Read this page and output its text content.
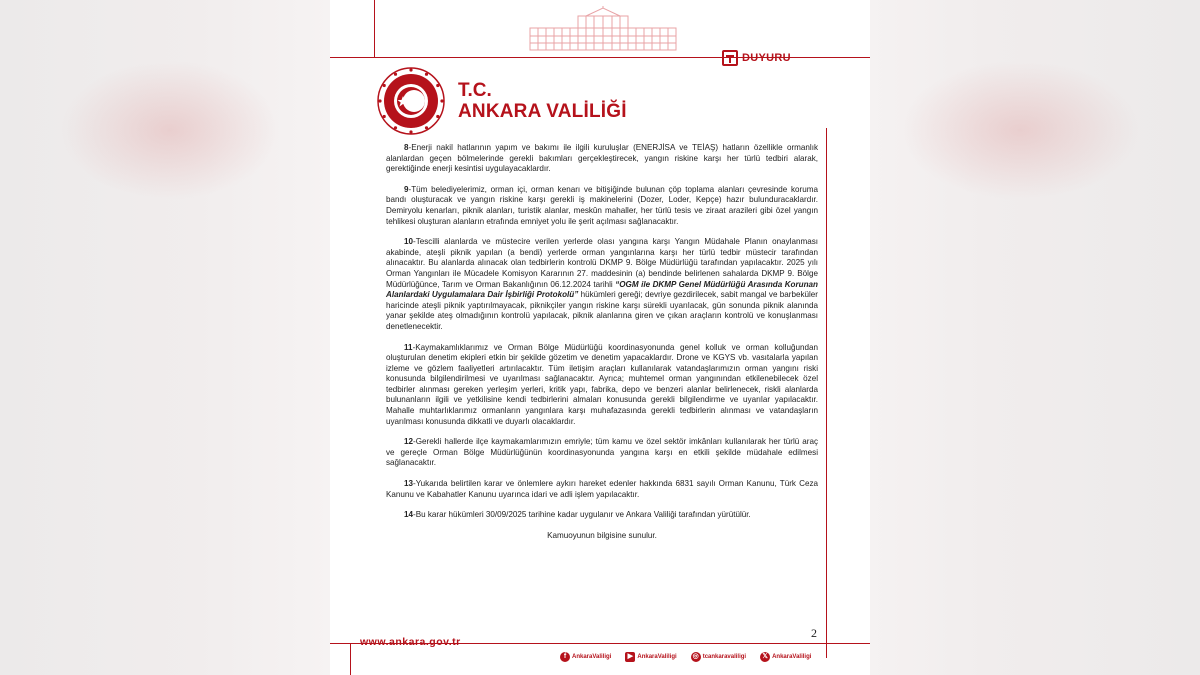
DUYURU
T.C.
ANKARA VALİLİĞİ

8-Enerji nakil hatlarının yapım ve bakımı ile ilgili kuruluşlar (ENERJİSA ve TEİAŞ) hatların özellikle ormanlık alanlardan geçen bölmelerinde gerekli bakımları gerçekleştirecek, yangın riskine karşı her türlü tedbiri alarak, gerektiğinde enerji kesintisi uygulayacaklardır.

9-Tüm belediyelerimiz, orman içi, orman kenarı ve bitişiğinde bulunan çöp toplama alanları çevresinde koruma bandı oluşturacak ve yangın riskine karşı gerekli iş makinelerini (Dozer, Loder, Kepçe) hazır bulunduracaklardır. Demiryolu kenarları, piknik alanları, turistik alanlar, meskûn mahaller, her türlü tesis ve ziraat arazileri gibi özel yangın tehlikesi oluşturan alanların etrafında emniyet yolu ile şerit açılması sağlanacaktır.

10-Tescilli alanlarda ve müstecire verilen yerlerde olası yangına karşı Yangın Müdahale Planın onaylanması akabinde, ateşli piknik yapılan (a bendi) yerlerde orman yangınlarına karşı her türlü tedbir müstecir tarafından alınacaktır. Bu alanlarda alınacak olan tedbirlerin kontrolü DKMP 9. Bölge Müdürlüğü tarafından yapılacaktır. 2025 yılı Orman Yangınları ile Mücadele Komisyon Kararının 27. maddesinin (a) bendinde belirlenen sahalarda DKMP 9. Bölge Müdürlüğünce, Tarım ve Orman Bakanlığının 06.12.2024 tarihli “OGM ile DKMP Genel Müdürlüğü Arasında Korunan Alanlardaki Uygulamalara Dair İşbirliği Protokolü” hükümleri gereği; devriye gezdirilecek, sabit mangal ve barbeküler haricinde ateşli piknik yaptırılmayacak, piknikçiler yangın riskine karşı sürekli uyarılacak, gün sonunda piknik alanında yanar şekilde ateş olmadığının kontrolü yapılacak, piknik alanlarına giren ve çıkan araçların kontrolü ve konuşlanması denetlenecektir.

11-Kaymakamlıklarımız ve Orman Bölge Müdürlüğü koordinasyonunda genel kolluk ve orman kolluğundan oluşturulan denetim ekipleri etkin bir şekilde gözetim ve denetim yapacaklardır. Drone ve KGYS vb. vasıtalarla yapılan izleme ve gözlem faaliyetleri artırılacaktır. Tüm iletişim araçları kullanılarak vatandaşlarımızın orman yangını riski konusunda bilgilendirilmesi ve uyarılması sağlanacaktır. Ayrıca; muhtemel orman yangınından etkilenebilecek özel tedbirler alınması gereken yerleşim yerleri, kritik yapı, fabrika, depo ve benzeri alanlar belirlenecek, riskli alanlarda bulunanların ilgili ve yetkilisine kendi tedbirlerini almaları konusunda gerekli bilgilendirme ve uyarılar yapılacaktır. Mahalle muhtarlıklarımız ormanların yangınlara karşı muhafazasında gerekli tedbirlerin alınması ve vatandaşların uyarılması konusunda dikkatli ve duyarlı olacaklardır.

12-Gerekli hallerde ilçe kaymakamlarımızın emriyle; tüm kamu ve özel sektör imkânları kullanılarak her türlü araç ve gereçle Orman Bölge Müdürlüğünün koordinasyonunda yangına karşı en etkili şekilde müdahale edilmesi sağlanacaktır.

13-Yukarıda belirtilen karar ve önlemlere aykırı hareket edenler hakkında 6831 sayılı Orman Kanunu, Türk Ceza Kanunu ve Kabahatler Kanunu uyarınca idari ve adli işlem yapılacaktır.

14-Bu karar hükümleri 30/09/2025 tarihine kadar uygulanır ve Ankara Valiliği tarafından yürütülür.

Kamuoyunun bilgisine sunulur.

2
www.ankara.gov.tr
f AnkaraValiligi	▶ AnkaraValiligi ◎ tcankaravaliligi	𝕏 AnkaraValiligi
